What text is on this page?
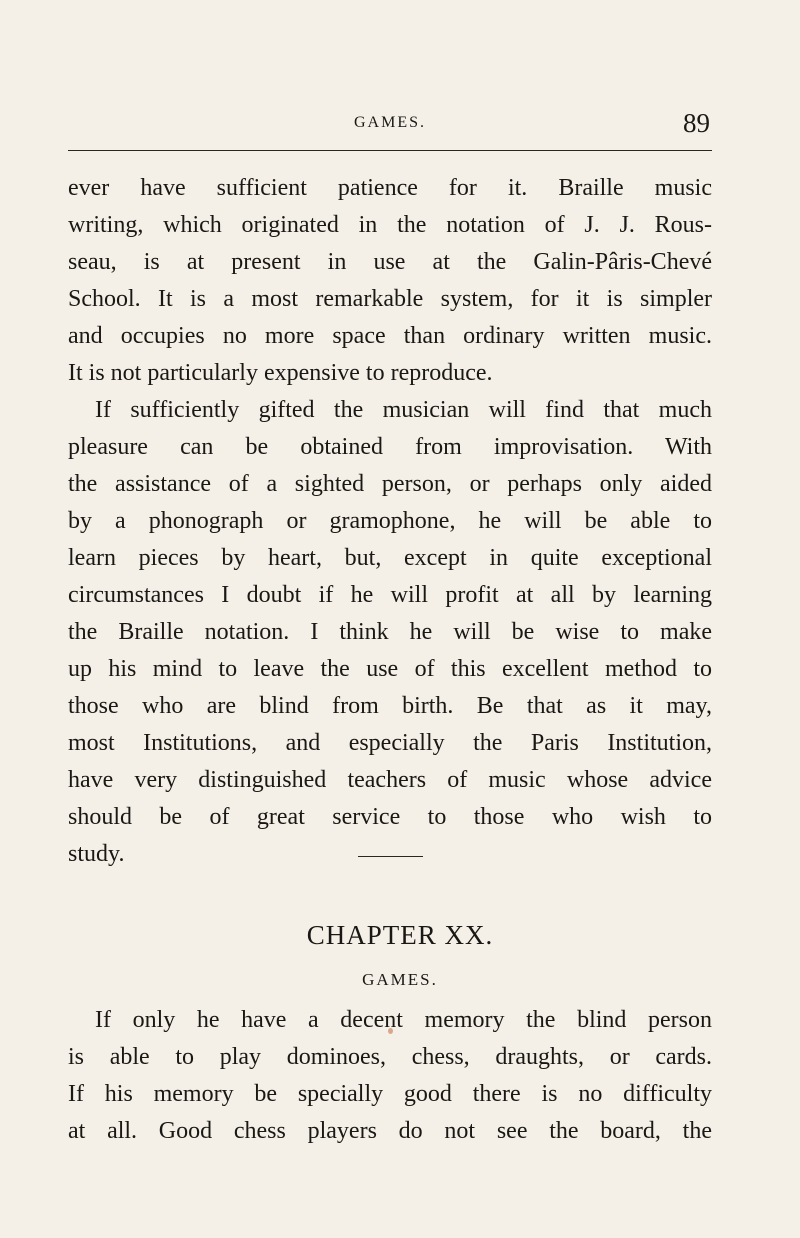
GAMES.	89
ever have sufficient patience for it. Braille music
writing, which originated in the notation of J. J. Rous-
seau, is at present in use at the Galin-Pâris-Chevé
School. It is a most remarkable system, for it is simpler
and occupies no more space than ordinary written music.
It is not particularly expensive to reproduce.
If sufficiently gifted the musician will find that much
pleasure can be obtained from improvisation. With
the assistance of a sighted person, or perhaps only aided
by a phonograph or gramophone, he will be able to
learn pieces by heart, but, except in quite exceptional
circumstances I doubt if he will profit at all by learning
the Braille notation. I think he will be wise to make
up his mind to leave the use of this excellent method to
those who are blind from birth. Be that as it may,
most Institutions, and especially the Paris Institution,
have very distinguished teachers of music whose advice
should be of great service to those who wish to
study.
CHAPTER XX.
GAMES.
If only he have a decent memory the blind person
is able to play dominoes, chess, draughts, or cards.
If his memory be specially good there is no difficulty
at all. Good chess players do not see the board, the
